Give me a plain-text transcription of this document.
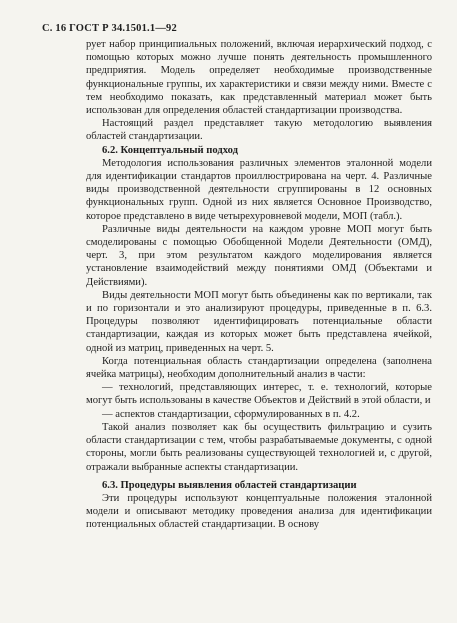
С. 16 ГОСТ Р 34.1501.1—92

рует набор принципиальных положений, включая иерархический подход, с помощью которых можно лучше понять деятельность промышленного предприятия. Модель определяет необходимые производственные функциональные группы, их характеристики и связи между ними. Вместе с тем необходимо показать, как представленный материал может быть использован для определения областей стандартизации производства.

Настоящий раздел представляет такую методологию выявления областей стандартизации.

6.2. Концептуальный подход

Методология использования различных элементов эталонной модели для идентификации стандартов проиллюстрирована на черт. 4. Различные виды производственной деятельности сгруппированы в 12 основных функциональных групп. Одной из них является Основное Производство, которое представлено в виде четырехуровневой модели, МОП (табл.).

Различные виды деятельности на каждом уровне МОП могут быть смоделированы с помощью Обобщенной Модели Деятельности (ОМД), черт. 3, при этом результатом каждого моделирования является установление взаимодействий между понятиями ОМД (Объектами и Действиями).

Виды деятельности МОП могут быть объединены как по вертикали, так и по горизонтали и это анализируют процедуры, приведенные в п. 6.3. Процедуры позволяют идентифицировать потенциальные области стандартизации, каждая из которых может быть представлена ячейкой, одной из матриц, приведенных на черт. 5.

Когда потенциальная область стандартизации определена (заполнена ячейка матрицы), необходим дополнительный анализ в части:

— технологий, представляющих интерес, т. е. технологий, которые могут быть использованы в качестве Объектов и Действий в этой области, и

— аспектов стандартизации, сформулированных в п. 4.2.

Такой анализ позволяет как бы осуществить фильтрацию и сузить области стандартизации с тем, чтобы разрабатываемые документы, с одной стороны, могли быть реализованы существующей технологией и, с другой, отражали выбранные аспекты стандартизации.

6.3. Процедуры выявления областей стандартизации

Эти процедуры используют концептуальные положения эталонной модели и описывают методику проведения анализа для идентификации потенциальных областей стандартизации. В основу
